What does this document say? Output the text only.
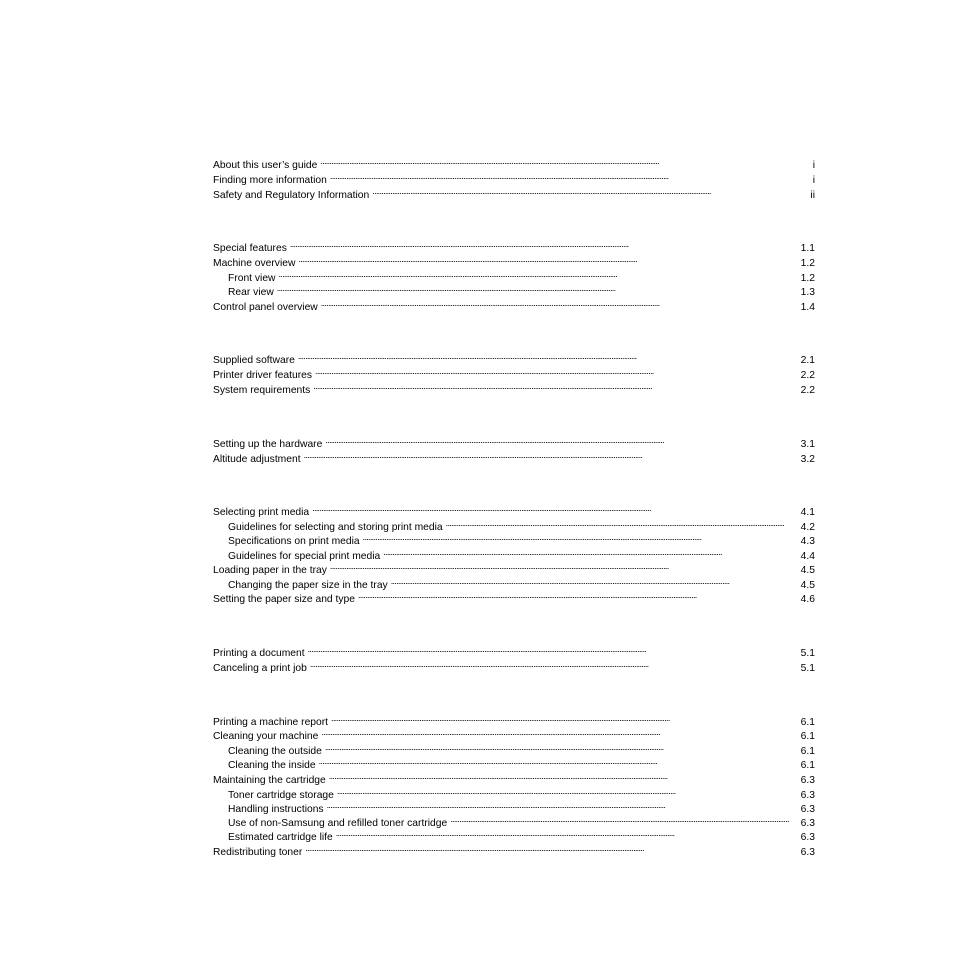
About this user’s guide . . .	i
Finding more information . . .	i
Safety and Regulatory Information . . .	ii
Special features . . .	1.1
Machine overview . . .	1.2
Front view . . .	1.2
Rear view . . .	1.3
Control panel overview . . .	1.4
Supplied software . . .	2.1
Printer driver features . . .	2.2
System requirements . . .	2.2
Setting up the hardware . . .	3.1
Altitude adjustment . . .	3.2
Selecting print media . . .	4.1
Guidelines for selecting and storing print media . . .	4.2
Specifications on print media . . .	4.3
Guidelines for special print media . . .	4.4
Loading paper in the tray . . .	4.5
Changing the paper size in the tray . . .	4.5
Setting the paper size and type . . .	4.6
Printing a document . . .	5.1
Canceling a print job . . .	5.1
Printing a machine report . . .	6.1
Cleaning your machine . . .	6.1
Cleaning the outside . . .	6.1
Cleaning the inside . . .	6.1
Maintaining the cartridge . . .	6.3
Toner cartridge storage . . .	6.3
Handling instructions . . .	6.3
Use of non-Samsung and refilled toner cartridge . . .	6.3
Estimated cartridge life . . .	6.3
Redistributing toner . . .	6.3
